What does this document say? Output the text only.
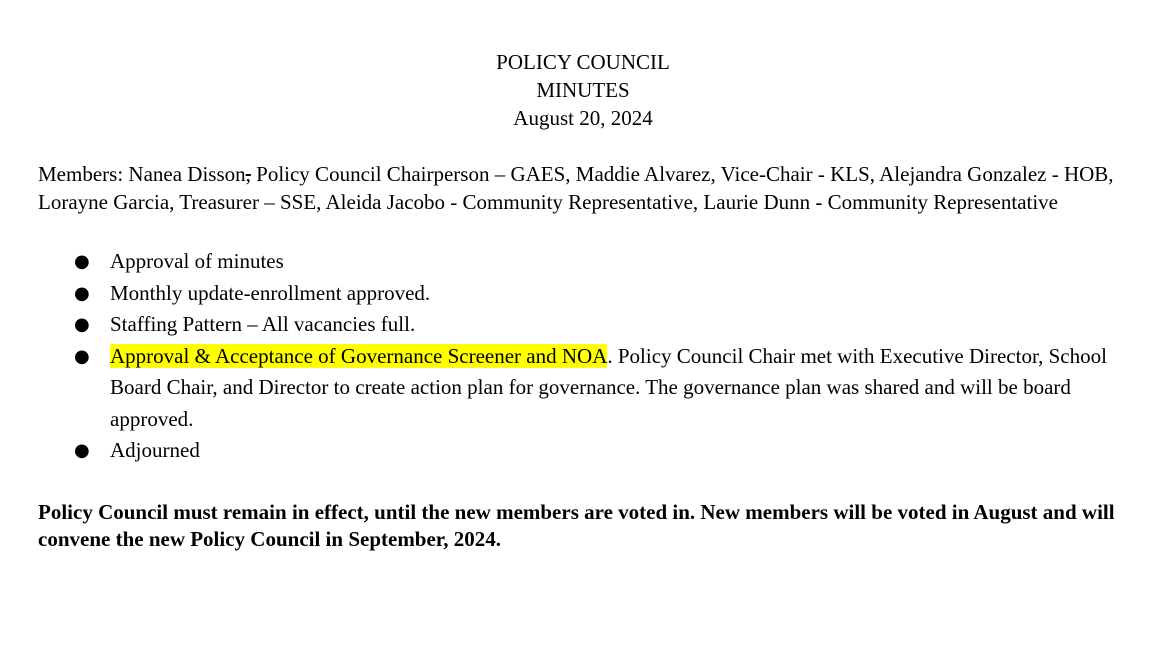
POLICY COUNCIL
MINUTES
August 20, 2024
Members: Nanea Disson, Policy Council Chairperson – GAES, Maddie Alvarez, Vice-Chair - KLS, Alejandra Gonzalez - HOB, Lorayne Garcia, Treasurer – SSE, Aleida Jacobo - Community Representative, Laurie Dunn - Community Representative
● Approval of minutes
● Monthly update-enrollment approved.
● Staffing Pattern – All vacancies full.
● Approval & Acceptance of Governance Screener and NOA. Policy Council Chair met with Executive Director, School Board Chair, and Director to create action plan for governance. The governance plan was shared and will be board approved.
● Adjourned
Policy Council must remain in effect, until the new members are voted in. New members will be voted in August and will convene the new Policy Council in September, 2024.
